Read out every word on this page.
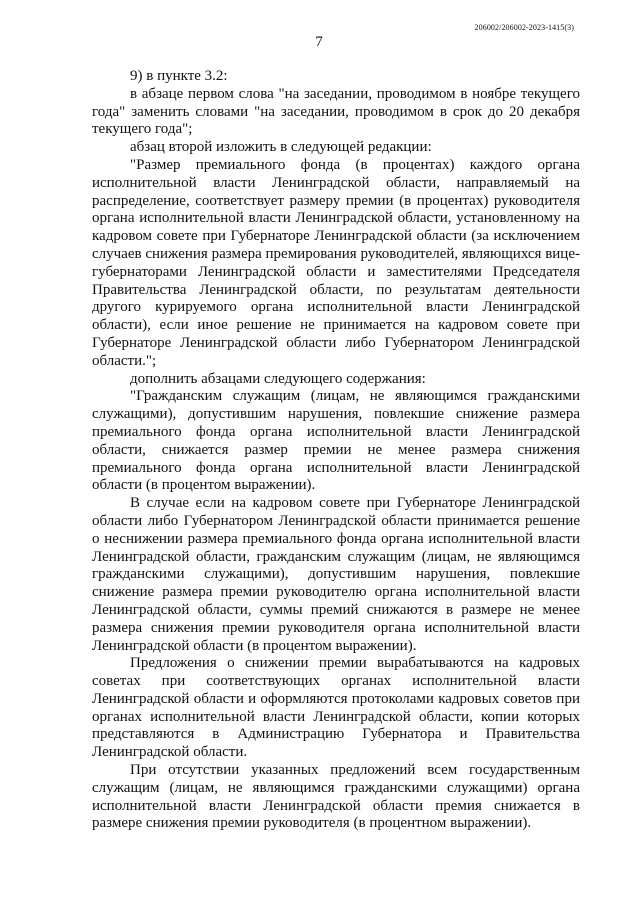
206002/206002-2023-1415(3)
7

9) в пункте 3.2:

в абзаце первом слова "на заседании, проводимом в ноябре текущего года" заменить словами "на заседании, проводимом в срок до 20 декабря текущего года";

абзац второй изложить в следующей редакции:

"Размер премиального фонда (в процентах) каждого органа исполнительной власти Ленинградской области, направляемый на распределение, соответствует размеру премии (в процентах) руководителя органа исполнительной власти Ленинградской области, установленному на кадровом совете при Губернаторе Ленинградской области (за исключением случаев снижения размера премирования руководителей, являющихся вице-губернаторами Ленинградской области и заместителями Председателя Правительства Ленинградской области, по результатам деятельности другого курируемого органа исполнительной власти Ленинградской области), если иное решение не принимается на кадровом совете при Губернаторе Ленинградской области либо Губернатором Ленинградской области.";

дополнить абзацами следующего содержания:

"Гражданским служащим (лицам, не являющимся гражданскими служащими), допустившим нарушения, повлекшие снижение размера премиального фонда органа исполнительной власти Ленинградской области, снижается размер премии не менее размера снижения премиального фонда органа исполнительной власти Ленинградской области (в процентом выражении).

В случае если на кадровом совете при Губернаторе Ленинградской области либо Губернатором Ленинградской области принимается решение о неснижении размера премиального фонда органа исполнительной власти Ленинградской области, гражданским служащим (лицам, не являющимся гражданскими служащими), допустившим нарушения, повлекшие снижение размера премии руководителю органа исполнительной власти Ленинградской области, суммы премий снижаются в размере не менее размера снижения премии руководителя органа исполнительной власти Ленинградской области (в процентом выражении).

Предложения о снижении премии вырабатываются на кадровых советах при соответствующих органах исполнительной власти Ленинградской области и оформляются протоколами кадровых советов при органах исполнительной власти Ленинградской области, копии которых представляются в Администрацию Губернатора и Правительства Ленинградской области.

При отсутствии указанных предложений всем государственным служащим (лицам, не являющимся гражданскими служащими) органа исполнительной власти Ленинградской области премия снижается в размере снижения премии руководителя (в процентном выражении).
